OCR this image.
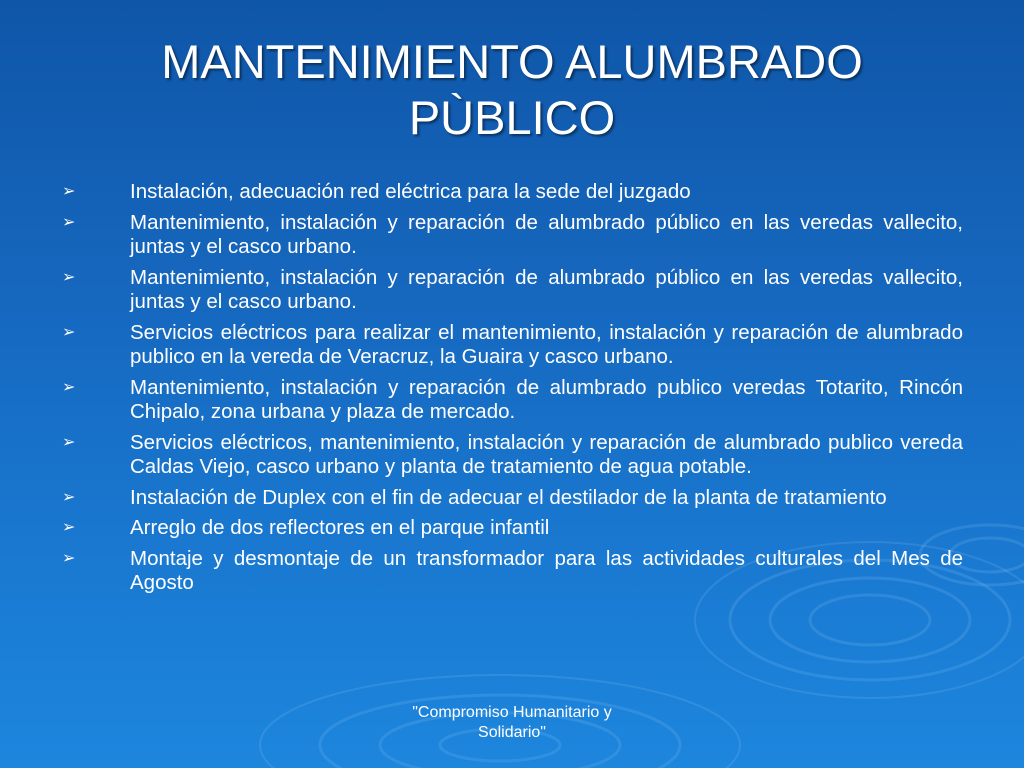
MANTENIMIENTO ALUMBRADO
PÙBLICO
➢	Instalación, adecuación red eléctrica para la sede del juzgado
➢	Mantenimiento, instalación y reparación de alumbrado público en las veredas vallecito, juntas y el casco urbano.
➢	Mantenimiento, instalación y reparación de alumbrado público en las veredas vallecito, juntas y el casco urbano.
➢	Servicios eléctricos para realizar el mantenimiento, instalación y reparación de alumbrado publico en la vereda de Veracruz, la Guaira y casco urbano.
➢	Mantenimiento, instalación y reparación de alumbrado publico veredas Totarito, Rincón Chipalo, zona urbana y plaza de mercado.
➢	Servicios eléctricos, mantenimiento, instalación y reparación de alumbrado publico vereda Caldas Viejo, casco urbano y planta de tratamiento de agua potable.
➢	Instalación de Duplex con el fin de adecuar el destilador de la planta de tratamiento
➢	Arreglo de dos reflectores en el parque infantil
➢	Montaje y desmontaje de un transformador para las actividades culturales del Mes de Agosto
"Compromiso Humanitario y
Solidario"
